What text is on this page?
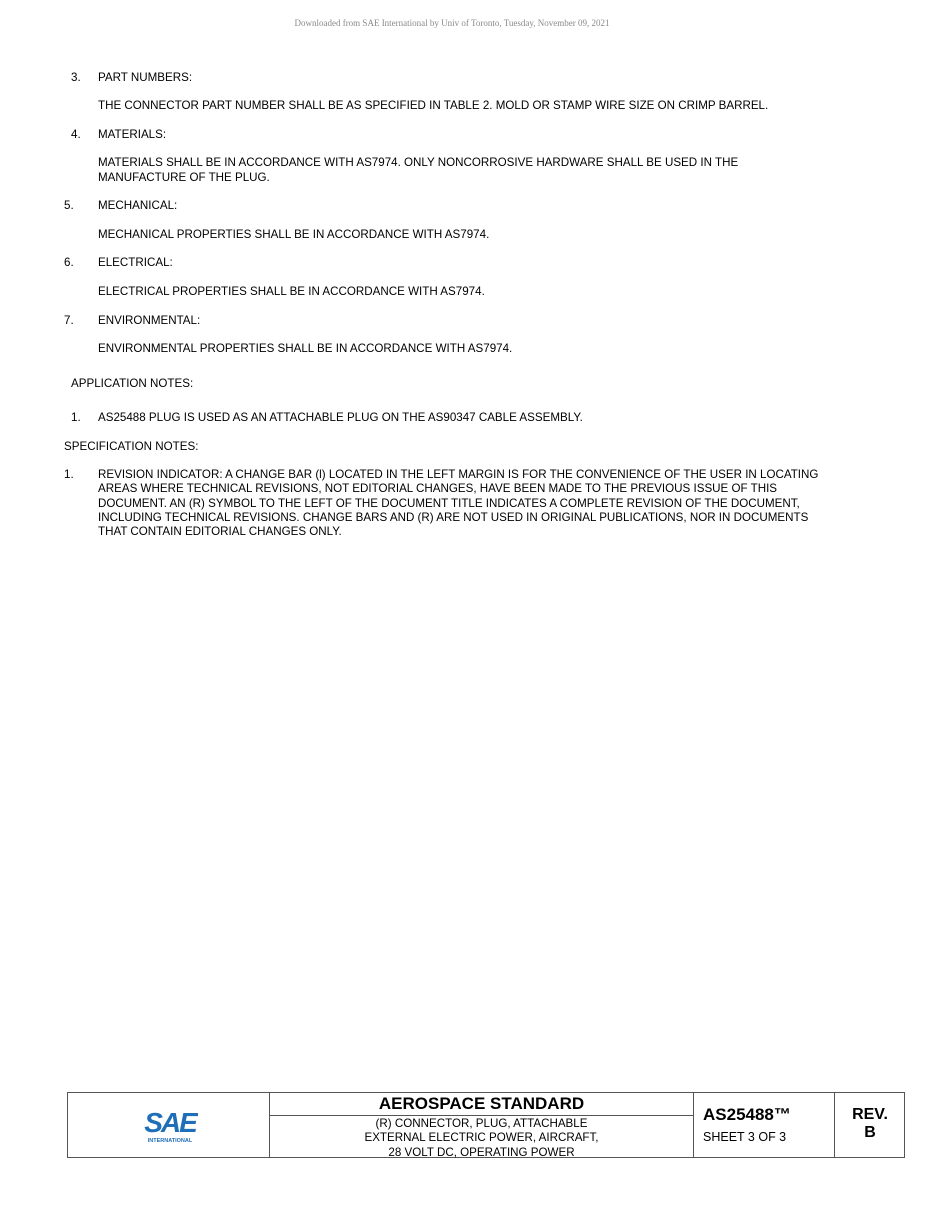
Downloaded from SAE International by Univ of Toronto, Tuesday, November 09, 2021
3. PART NUMBERS:
THE CONNECTOR PART NUMBER SHALL BE AS SPECIFIED IN TABLE 2. MOLD OR STAMP WIRE SIZE ON CRIMP BARREL.
4. MATERIALS:
MATERIALS SHALL BE IN ACCORDANCE WITH AS7974. ONLY NONCORROSIVE HARDWARE SHALL BE USED IN THE
MANUFACTURE OF THE PLUG.
5. MECHANICAL:
MECHANICAL PROPERTIES SHALL BE IN ACCORDANCE WITH AS7974.
6. ELECTRICAL:
ELECTRICAL PROPERTIES SHALL BE IN ACCORDANCE WITH AS7974.
7. ENVIRONMENTAL:
ENVIRONMENTAL PROPERTIES SHALL BE IN ACCORDANCE WITH AS7974.
APPLICATION NOTES:
1. AS25488 PLUG IS USED AS AN ATTACHABLE PLUG ON THE AS90347 CABLE ASSEMBLY.
SPECIFICATION NOTES:
1. REVISION INDICATOR: A CHANGE BAR (l) LOCATED IN THE LEFT MARGIN IS FOR THE CONVENIENCE OF THE USER IN LOCATING
AREAS WHERE TECHNICAL REVISIONS, NOT EDITORIAL CHANGES, HAVE BEEN MADE TO THE PREVIOUS ISSUE OF THIS
DOCUMENT. AN (R) SYMBOL TO THE LEFT OF THE DOCUMENT TITLE INDICATES A COMPLETE REVISION OF THE DOCUMENT,
INCLUDING TECHNICAL REVISIONS. CHANGE BARS AND (R) ARE NOT USED IN ORIGINAL PUBLICATIONS, NOR IN DOCUMENTS
THAT CONTAIN EDITORIAL CHANGES ONLY.
SAE
INTERNATIONAL
AEROSPACE STANDARD
(R) CONNECTOR, PLUG, ATTACHABLE
EXTERNAL ELECTRIC POWER, AIRCRAFT,
28 VOLT DC, OPERATING POWER
AS25488™
SHEET 3 OF 3
REV.
B
